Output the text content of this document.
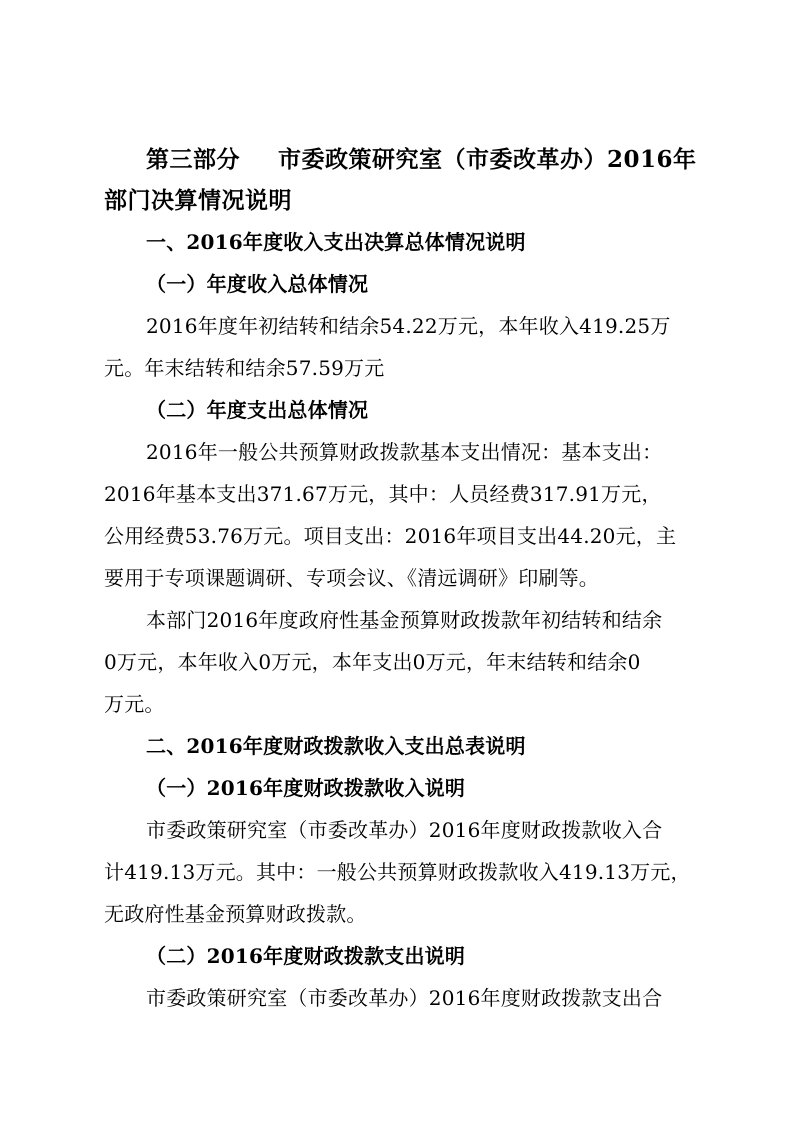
第三部分 市委政策研究室（市委改革办）2016年
部门决算情况说明
一、2016年度收入支出决算总体情况说明
（一）年度收入总体情况
2016年度年初结转和结余54.22万元，本年收入419.25万
元。年末结转和结余57.59万元
（二）年度支出总体情况
2016年一般公共预算财政拨款基本支出情况：基本支出：
2016年基本支出371.67万元，其中：人员经费317.91万元，
公用经费53.76万元。项目支出：2016年项目支出44.20元，主
要用于专项课题调研、专项会议、《清远调研》印刷等。
本部门2016年度政府性基金预算财政拨款年初结转和结余
0万元，本年收入0万元，本年支出0万元，年末结转和结余0
万元。
二、2016年度财政拨款收入支出总表说明
（一）2016年度财政拨款收入说明
市委政策研究室（市委改革办）2016年度财政拨款收入合
计419.13万元。其中：一般公共预算财政拨款收入419.13万元，
无政府性基金预算财政拨款。
（二）2016年度财政拨款支出说明
市委政策研究室（市委改革办）2016年度财政拨款支出合
